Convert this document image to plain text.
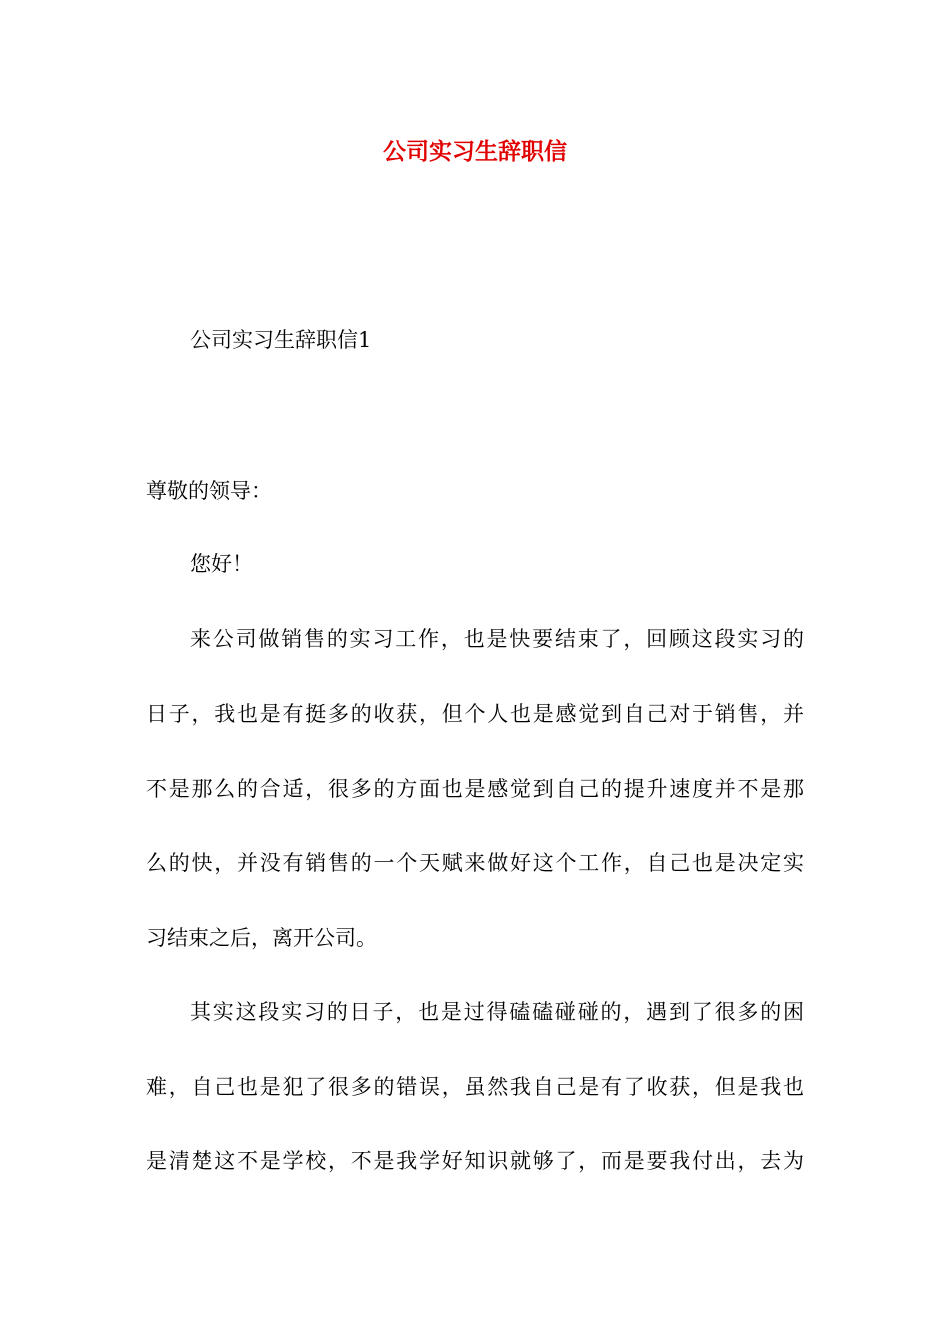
公司实习生辞职信

公司实习生辞职信1

尊敬的领导：

您好！

来公司做销售的实习工作，也是快要结束了，回顾这段实习的

日子，我也是有挺多的收获，但个人也是感觉到自己对于销售，并

不是那么的合适，很多的方面也是感觉到自己的提升速度并不是那

么的快，并没有销售的一个天赋来做好这个工作，自己也是决定实

习结束之后，离开公司。

其实这段实习的日子，也是过得磕磕碰碰的，遇到了很多的困

难，自己也是犯了很多的错误，虽然我自己是有了收获，但是我也

是清楚这不是学校，不是我学好知识就够了，而是要我付出，去为
